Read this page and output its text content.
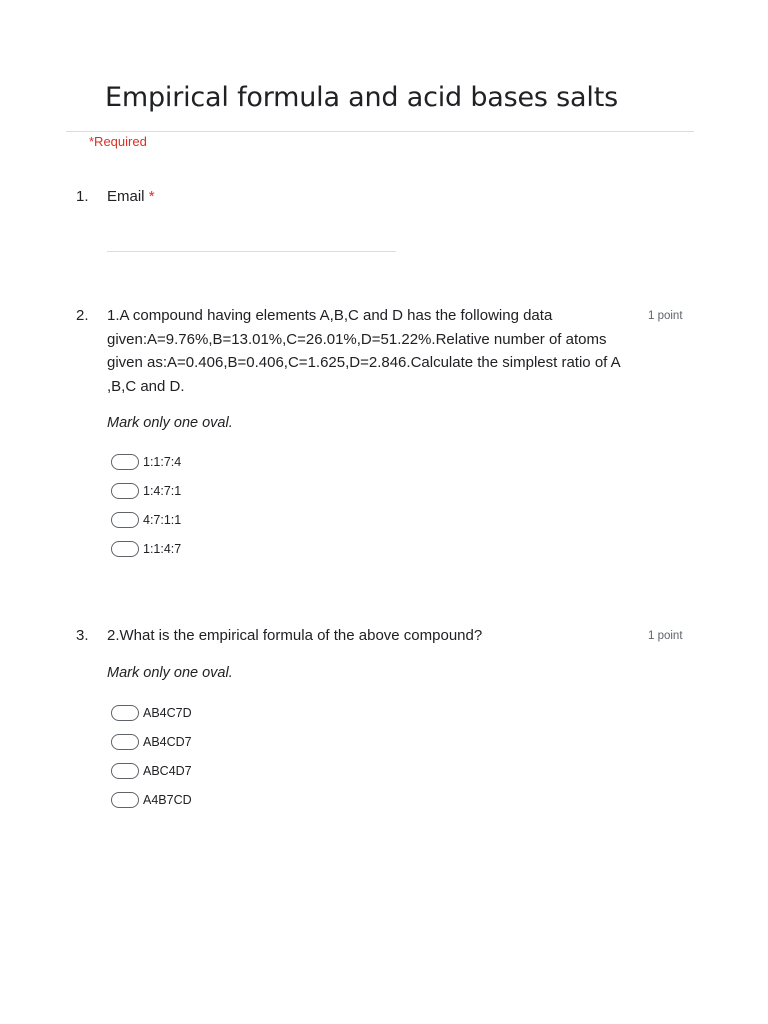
Empirical formula and acid bases salts
*Required
1. Email *
2. 1.A compound having elements A,B,C and D has the following data given:A=9.76%,B=13.01%,C=26.01%,D=51.22%.Relative number of atoms given as:A=0.406,B=0.406,C=1.625,D=2.846.Calculate the simplest ratio of A ,B,C and D.
1 point
Mark only one oval.
1:1:7:4
1:4:7:1
4:7:1:1
1:1:4:7
3. 2.What is the empirical formula of the above compound?	1 point
Mark only one oval.
AB4C7D
AB4CD7
ABC4D7
A4B7CD
